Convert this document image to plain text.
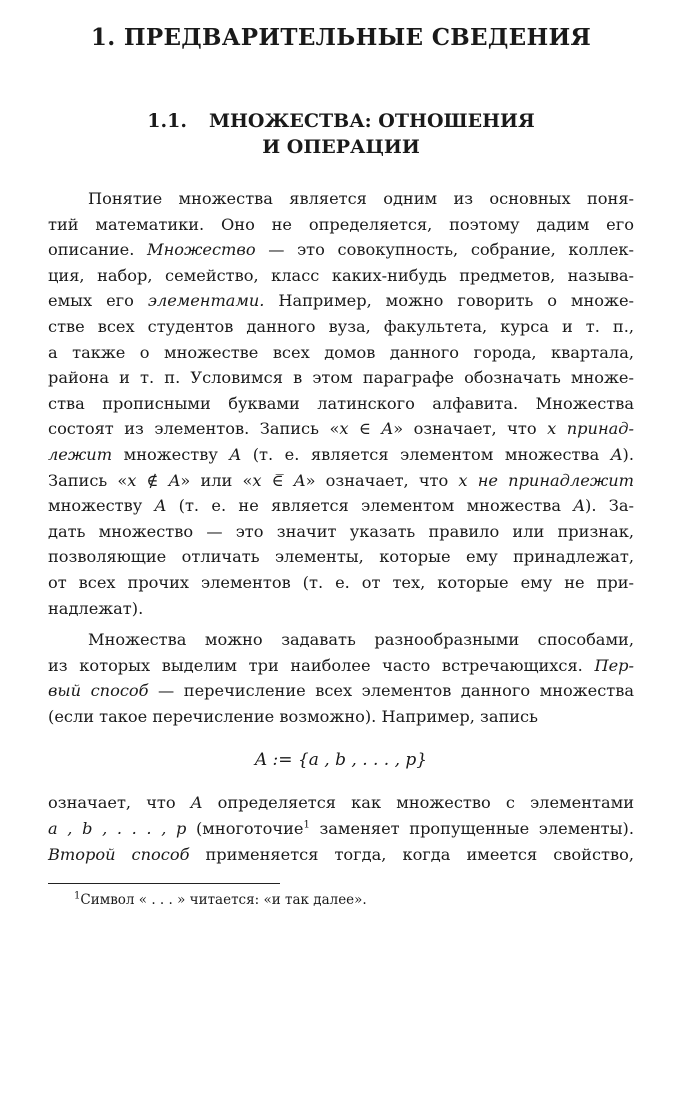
1. ПРЕДВАРИТЕЛЬНЫЕ СВЕДЕНИЯ
1.1. МНОЖЕСТВА: ОТНОШЕНИЯ
И ОПЕРАЦИИ
Понятие множества является одним из основных поня-
тий математики. Оно не определяется, поэтому дадим его
описание. Множество — это совокупность, собрание, коллек-
ция, набор, семейство, класс каких-нибудь предметов, называ-
емых его элементами. Например, можно говорить о множе-
стве всех студентов данного вуза, факультета, курса и т. п.,
а также о множестве всех домов данного города, квартала,
района и т. п. Условимся в этом параграфе обозначать множе-
ства прописными буквами латинского алфавита. Множества
состоят из элементов. Запись «x ∈ A» означает, что x принад-
лежит множеству A (т. е. является элементом множества A).
Запись «x ∉ A» или «x ∈̅ A» означает, что x не принадлежит
множеству A (т. е. не является элементом множества A). За-
дать множество — это значит указать правило или признак,
позволяющие отличать элементы, которые ему принадлежат,
от всех прочих элементов (т. е. от тех, которые ему не при-
надлежат).
Множества можно задавать разнообразными способами,
из которых выделим три наиболее часто встречающихся. Пер-
вый способ — перечисление всех элементов данного множества
(если такое перечисление возможно). Например, запись
A := {a , b , . . . , p}
означает, что A определяется как множество с элементами
a , b , . . . , p (многоточие$^1$ заменяет пропущенные элементы).
Второй способ применяется тогда, когда имеется свойство,
$^1$Символ « . . . » читается: «и так далее».
